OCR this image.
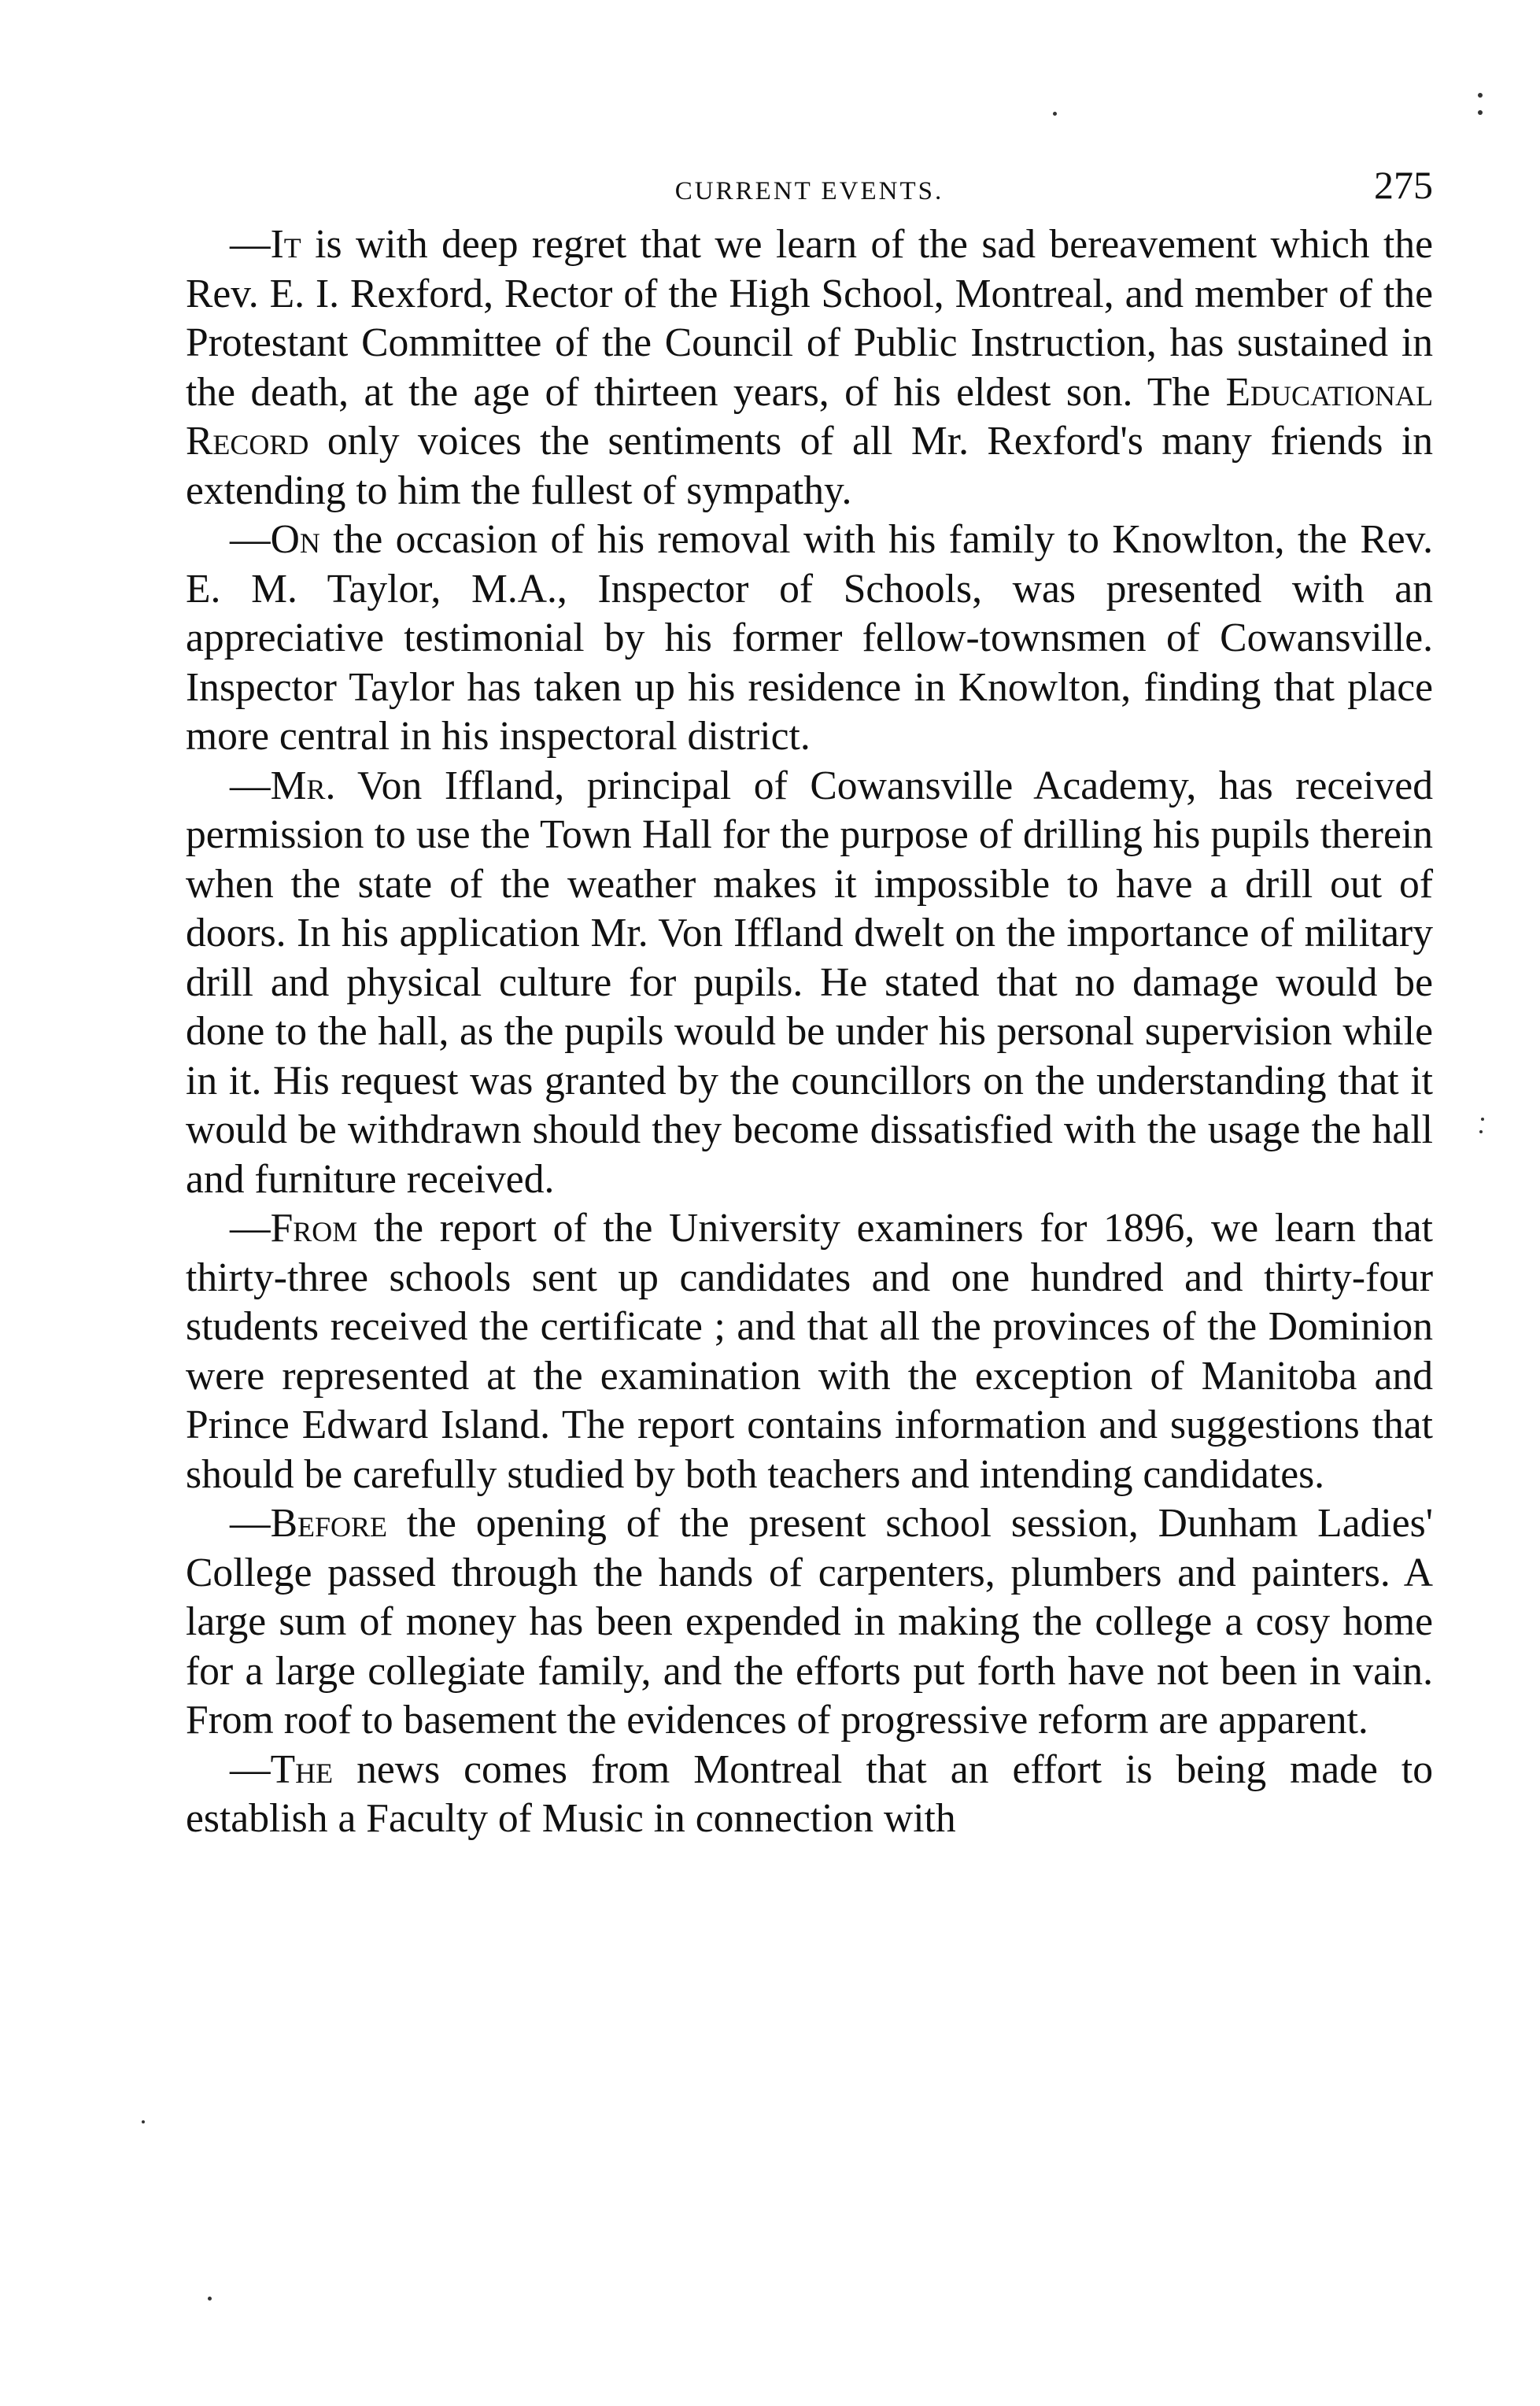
CURRENT EVENTS.	275

—It is with deep regret that we learn of the sad bereavement which the Rev. E. I. Rexford, Rector of the High School, Montreal, and member of the Protestant Committee of the Council of Public Instruction, has sustained in the death, at the age of thirteen years, of his eldest son. The Educational Record only voices the sentiments of all Mr. Rexford's many friends in extending to him the fullest of sympathy.

—On the occasion of his removal with his family to Knowlton, the Rev. E. M. Taylor, M.A., Inspector of Schools, was presented with an appreciative testimonial by his former fellow-townsmen of Cowansville. Inspector Taylor has taken up his residence in Knowlton, finding that place more central in his inspectoral district.

—Mr. Von Iffland, principal of Cowansville Academy, has received permission to use the Town Hall for the purpose of drilling his pupils therein when the state of the weather makes it impossible to have a drill out of doors. In his application Mr. Von Iffland dwelt on the importance of military drill and physical culture for pupils. He stated that no damage would be done to the hall, as the pupils would be under his personal supervision while in it. His request was granted by the councillors on the understanding that it would be withdrawn should they become dissatisfied with the usage the hall and furniture received.

—From the report of the University examiners for 1896, we learn that thirty-three schools sent up candidates and one hundred and thirty-four students received the certificate ; and that all the provinces of the Dominion were represented at the examination with the exception of Manitoba and Prince Edward Island. The report contains information and suggestions that should be carefully studied by both teachers and intending candidates.

—Before the opening of the present school session, Dunham Ladies' College passed through the hands of carpenters, plumbers and painters. A large sum of money has been expended in making the college a cosy home for a large collegiate family, and the efforts put forth have not been in vain. From roof to basement the evidences of progressive reform are apparent.

—The news comes from Montreal that an effort is being made to establish a Faculty of Music in connection with
